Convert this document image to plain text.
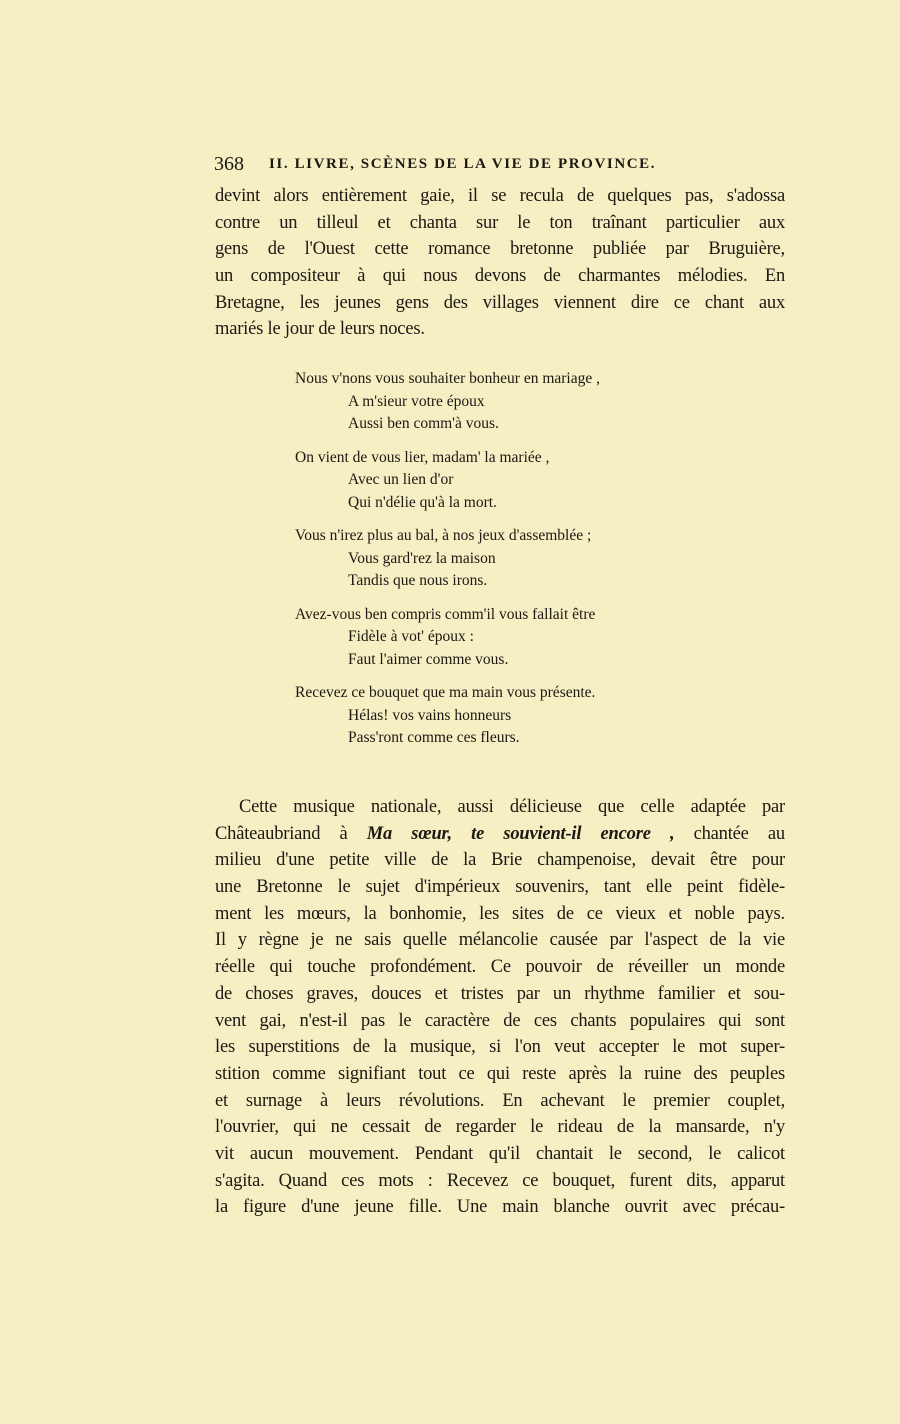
368 II. LIVRE, SCÈNES DE LA VIE DE PROVINCE.
devint alors entièrement gaie, il se recula de quelques pas, s'adossa
contre un tilleul et chanta sur le ton traînant particulier aux
gens de l'Ouest cette romance bretonne publiée par Bruguière,
un compositeur à qui nous devons de charmantes mélodies. En
Bretagne, les jeunes gens des villages viennent dire ce chant aux
mariés le jour de leurs noces.
Nous v'nons vous souhaiter bonheur en mariage ,
A m'sieur votre époux
Aussi ben comm'à vous.
On vient de vous lier, madam' la mariée ,
Avec un lien d'or
Qui n'délie qu'à la mort.
Vous n'irez plus au bal, à nos jeux d'assemblée ;
Vous gard'rez la maison
Tandis que nous irons.
Avez-vous ben compris comm'il vous fallait être
Fidèle à vot' époux :
Faut l'aimer comme vous.
Recevez ce bouquet que ma main vous présente.
Hélas! vos vains honneurs
Pass'ront comme ces fleurs.
Cette musique nationale, aussi délicieuse que celle adaptée par
Châteaubriand à Ma sœur, te souvient-il encore , chantée au
milieu d'une petite ville de la Brie champenoise, devait être pour
une Bretonne le sujet d'impérieux souvenirs, tant elle peint fidèle-
ment les mœurs, la bonhomie, les sites de ce vieux et noble pays.
Il y règne je ne sais quelle mélancolie causée par l'aspect de la vie
réelle qui touche profondément. Ce pouvoir de réveiller un monde
de choses graves, douces et tristes par un rhythme familier et sou-
vent gai, n'est-il pas le caractère de ces chants populaires qui sont
les superstitions de la musique, si l'on veut accepter le mot super-
stition comme signifiant tout ce qui reste après la ruine des peuples
et surnage à leurs révolutions. En achevant le premier couplet,
l'ouvrier, qui ne cessait de regarder le rideau de la mansarde, n'y
vit aucun mouvement. Pendant qu'il chantait le second, le calicot
s'agita. Quand ces mots : Recevez ce bouquet, furent dits, apparut
la figure d'une jeune fille. Une main blanche ouvrit avec précau-
